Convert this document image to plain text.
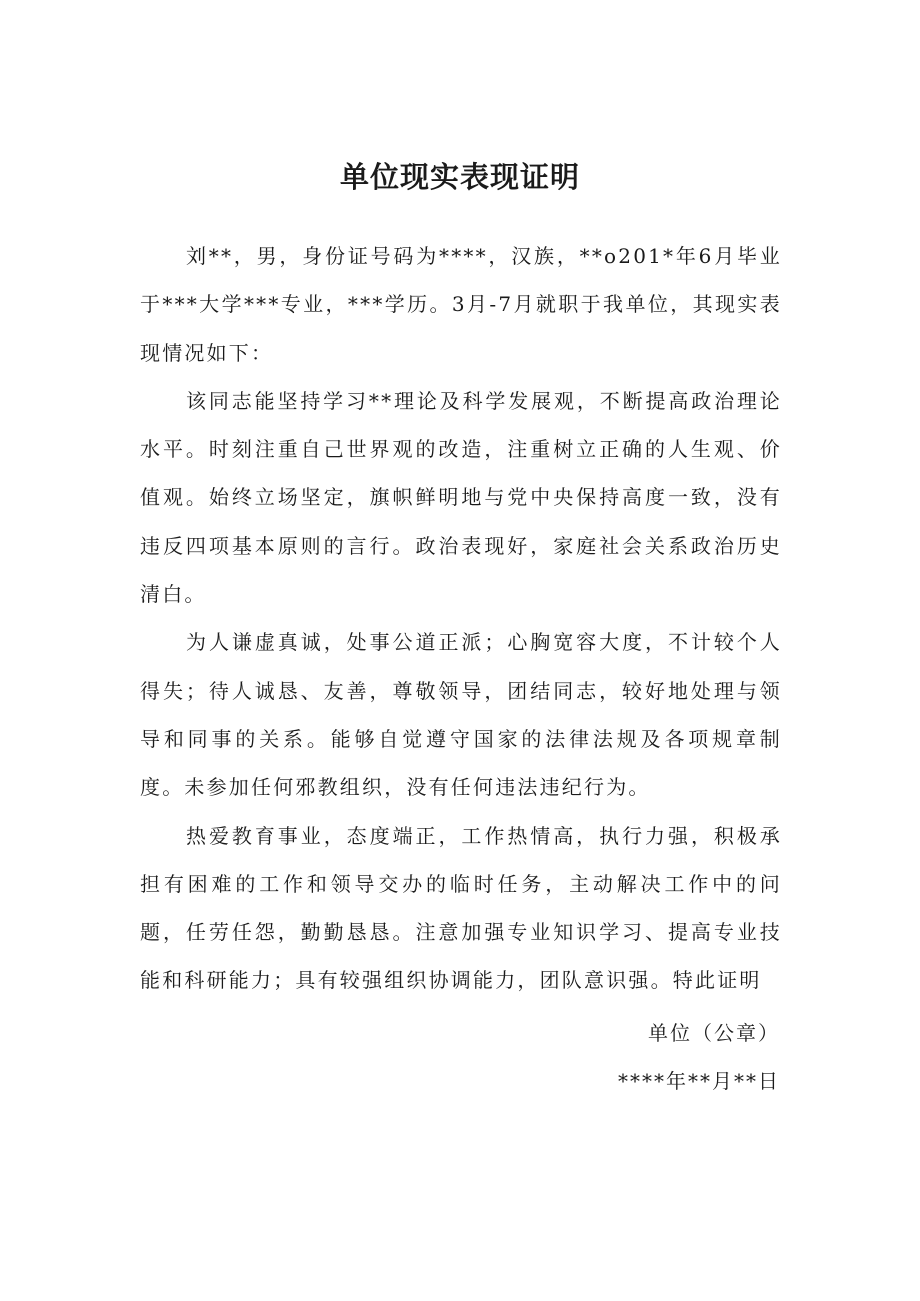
单位现实表现证明

刘**，男，身份证号码为****，汉族，**o201*年6月毕业于***大学***专业，***学历。3月-7月就职于我单位，其现实表现情况如下：

该同志能坚持学习**理论及科学发展观，不断提高政治理论水平。时刻注重自己世界观的改造，注重树立正确的人生观、价值观。始终立场坚定，旗帜鲜明地与党中央保持高度一致，没有违反四项基本原则的言行。政治表现好，家庭社会关系政治历史清白。

为人谦虚真诚，处事公道正派；心胸宽容大度，不计较个人得失；待人诚恳、友善，尊敬领导，团结同志，较好地处理与领导和同事的关系。能够自觉遵守国家的法律法规及各项规章制度。未参加任何邪教组织，没有任何违法违纪行为。

热爱教育事业，态度端正，工作热情高，执行力强，积极承担有困难的工作和领导交办的临时任务，主动解决工作中的问题，任劳任怨，勤勤恳恳。注意加强专业知识学习、提高专业技能和科研能力；具有较强组织协调能力，团队意识强。特此证明

单位（公章）
****年**月**日
